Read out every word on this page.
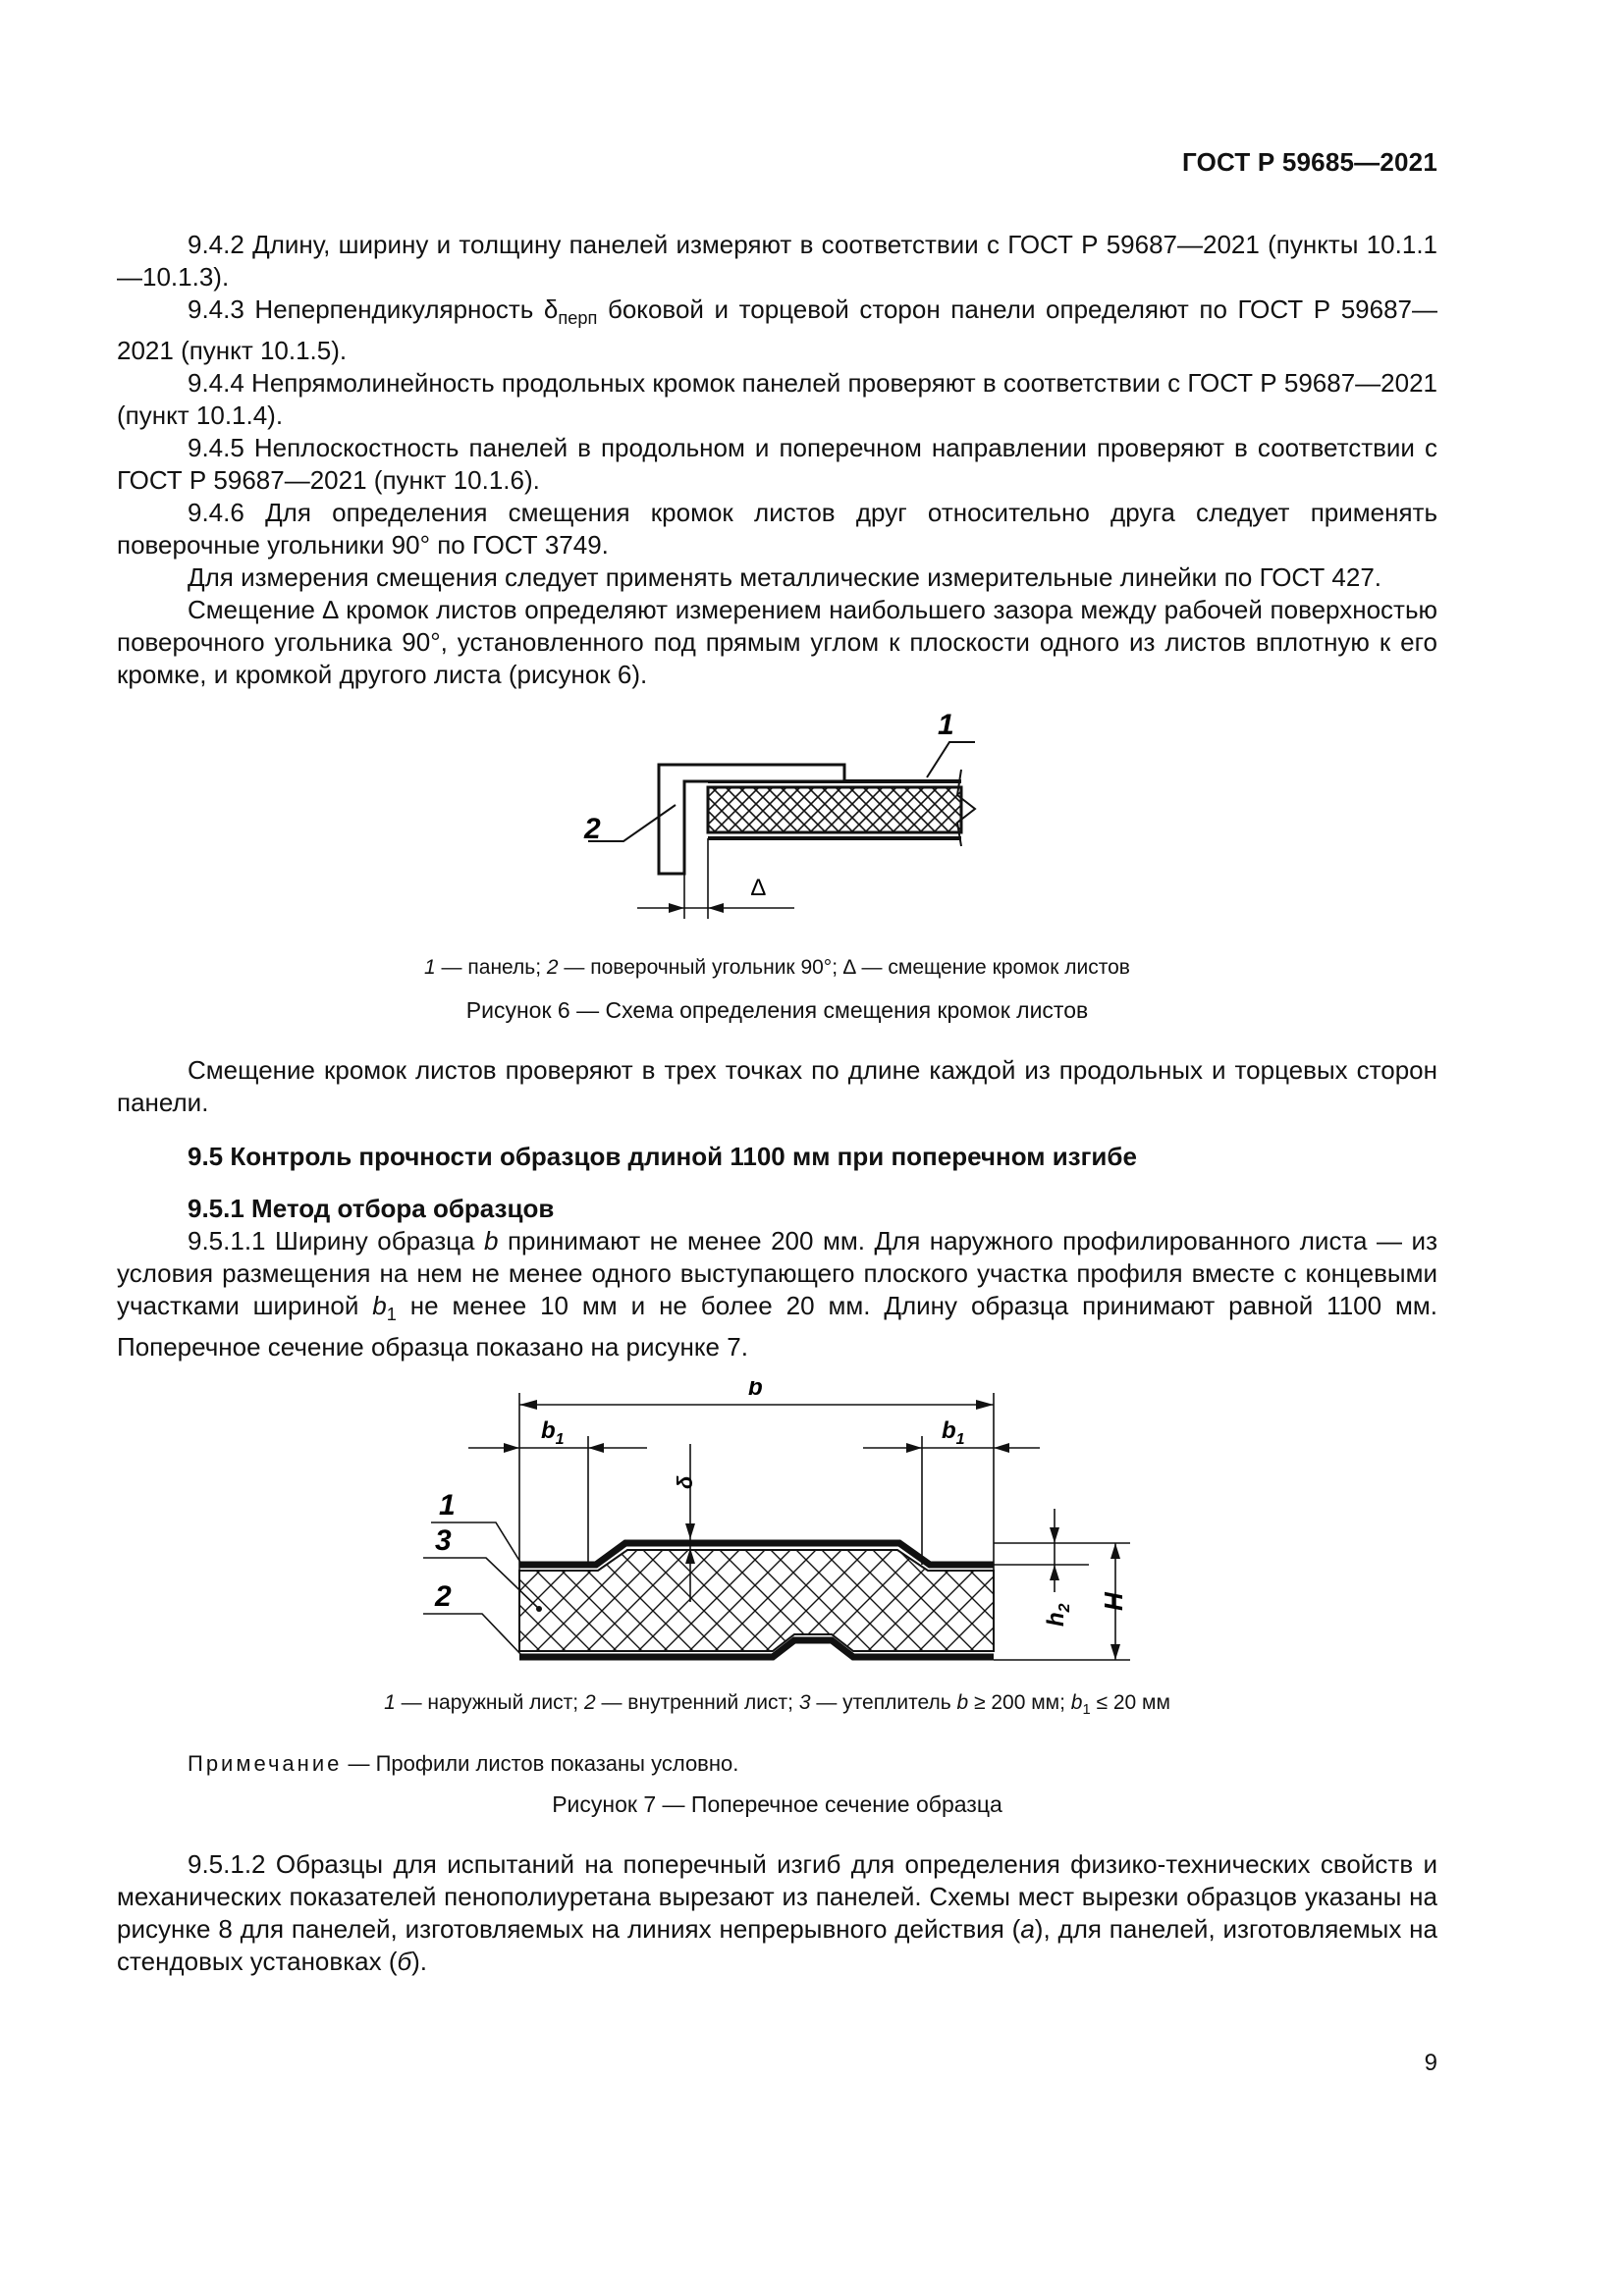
ГОСТ Р 59685—2021

9.4.2 Длину, ширину и толщину панелей измеряют в соответствии с ГОСТ Р 59687—2021 (пункты 10.1.1—10.1.3).

9.4.3 Неперпендикулярность $\delta_{перп}$ боковой и торцевой сторон панели определяют по ГОСТ Р 59687—2021 (пункт 10.1.5).

9.4.4 Непрямолинейность продольных кромок панелей проверяют в соответствии с ГОСТ Р 59687—2021 (пункт 10.1.4).

9.4.5 Неплоскостность панелей в продольном и поперечном направлении проверяют в соответствии с ГОСТ Р 59687—2021 (пункт 10.1.6).

9.4.6 Для определения смещения кромок листов друг относительно друга следует применять поверочные угольники 90° по ГОСТ 3749.

Для измерения смещения следует применять металлические измерительные линейки по ГОСТ 427.

Смещение ∆ кромок листов определяют измерением наибольшего зазора между рабочей поверхностью поверочного угольника 90°, установленного под прямым углом к плоскости одного из листов вплотную к его кромке, и кромкой другого листа (рисунок 6).

1
2
∆
1 — панель; 2 — поверочный угольник 90°; ∆ — смещение кромок листов
Рисунок 6 — Схема определения смещения кромок листов

Смещение кромок листов проверяют в трех точках по длине каждой из продольных и торцевых сторон панели.

9.5 Контроль прочности образцов длиной 1100 мм при поперечном изгибе

9.5.1 Метод отбора образцов

9.5.1.1 Ширину образца b принимают не менее 200 мм. Для наружного профилированного листа — из условия размещения на нем не менее одного выступающего плоского участка профиля вместе с концевыми участками шириной $b_1$ не менее 10 мм и не более 20 мм. Длину образца принимают равной 1100 мм. Поперечное сечение образца показано на рисунке 7.

b
$b_1$	$b_1$
δ
$h_2$ H
1
3
2
1 — наружный лист; 2 — внутренний лист; 3 — утеплитель b ≥ 200 мм; $b_1 \le 20$ мм

Примечание — Профили листов показаны условно.

Рисунок 7 — Поперечное сечение образца

9.5.1.2 Образцы для испытаний на поперечный изгиб для определения физико-технических свойств и механических показателей пенополиуретана вырезают из панелей. Схемы мест вырезки образцов указаны на рисунке 8 для панелей, изготовляемых на линиях непрерывного действия (а), для панелей, изготовляемых на стендовых установках (б).

9
